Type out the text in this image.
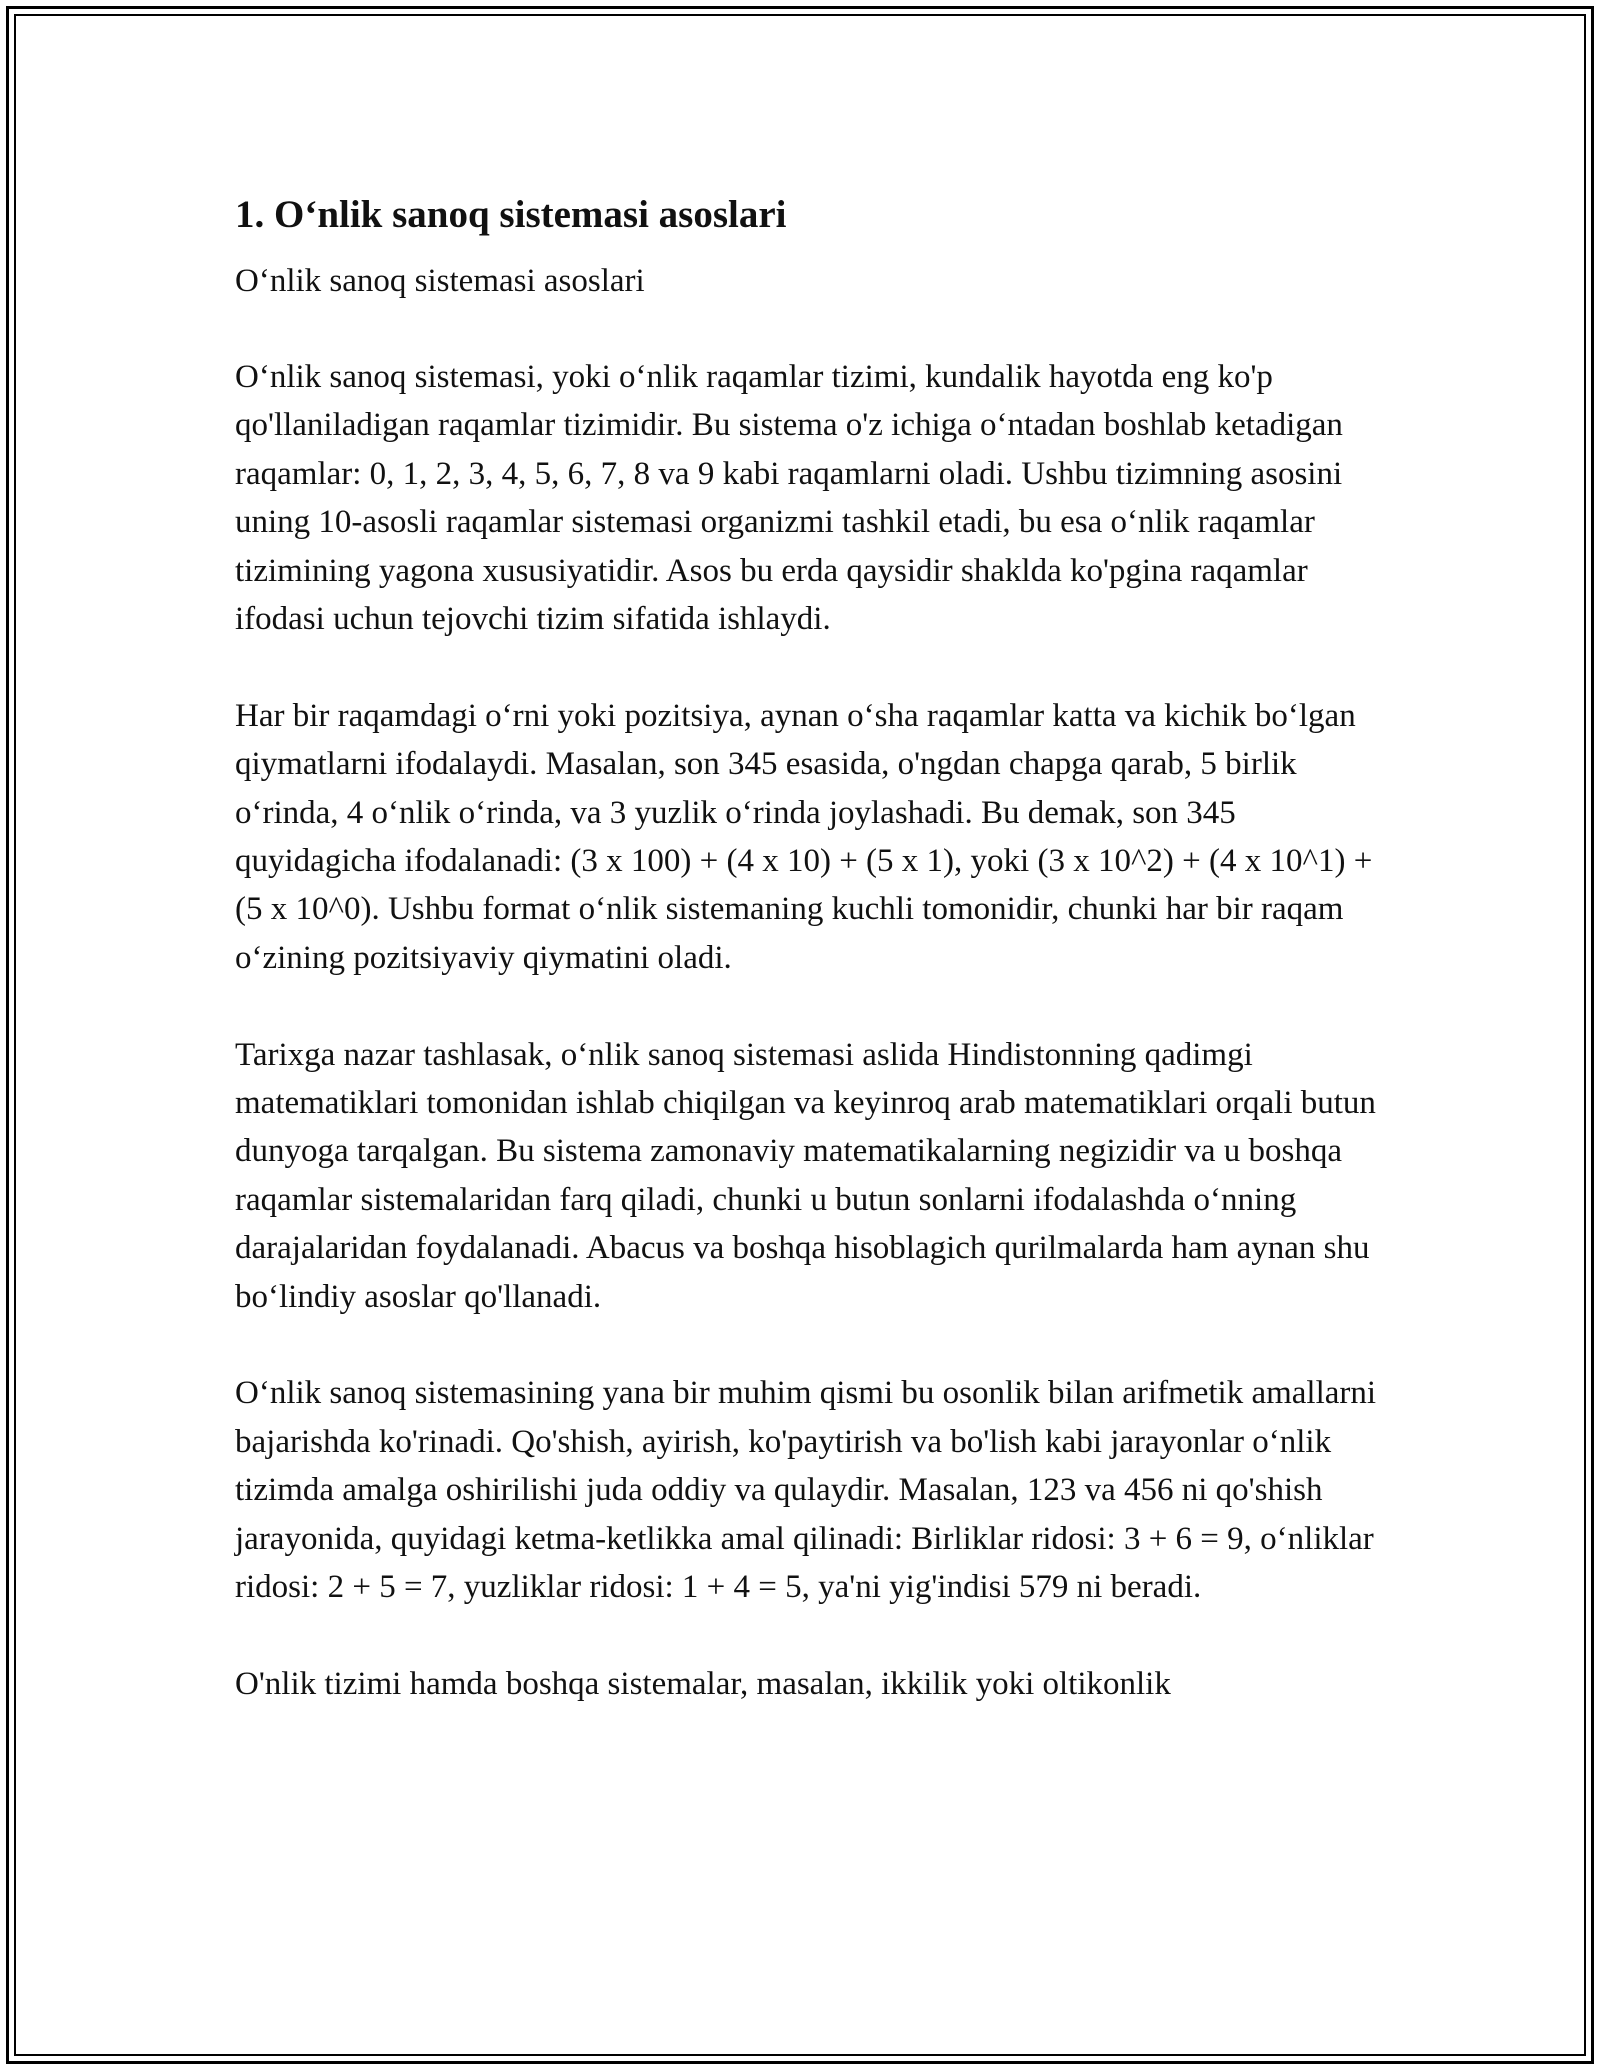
1. O‘nlik sanoq sistemasi asoslari

O‘nlik sanoq sistemasi asoslari

O‘nlik sanoq sistemasi, yoki o‘nlik raqamlar tizimi, kundalik hayotda eng ko'p qo'llaniladigan raqamlar tizimidir. Bu sistema o'z ichiga o‘ntadan boshlab ketadigan raqamlar: 0, 1, 2, 3, 4, 5, 6, 7, 8 va 9 kabi raqamlarni oladi. Ushbu tizimning asosini uning 10-asosli raqamlar sistemasi organizmi tashkil etadi, bu esa o‘nlik raqamlar tizimining yagona xususiyatidir. Asos bu erda qaysidir shaklda ko'pgina raqamlar ifodasi uchun tejovchi tizim sifatida ishlaydi.

Har bir raqamdagi o‘rni yoki pozitsiya, aynan o‘sha raqamlar katta va kichik bo‘lgan qiymatlarni ifodalaydi. Masalan, son 345 esasida, o'ngdan chapga qarab, 5 birlik o‘rinda, 4 o‘nlik o‘rinda, va 3 yuzlik o‘rinda joylashadi. Bu demak, son 345 quyidagicha ifodalanadi: (3 x 100) + (4 x 10) + (5 x 1), yoki (3 x 10^2) + (4 x 10^1) + (5 x 10^0). Ushbu format o‘nlik sistemaning kuchli tomonidir, chunki har bir raqam o‘zining pozitsiyaviy qiymatini oladi.

Tarixga nazar tashlasak, o‘nlik sanoq sistemasi aslida Hindistonning qadimgi matematiklari tomonidan ishlab chiqilgan va keyinroq arab matematiklari orqali butun dunyoga tarqalgan. Bu sistema zamonaviy matematikalarning negizidir va u boshqa raqamlar sistemalaridan farq qiladi, chunki u butun sonlarni ifodalashda o‘nning darajalaridan foydalanadi. Abacus va boshqa hisoblagich qurilmalarda ham aynan shu bo‘lindiy asoslar qo'llanadi.

O‘nlik sanoq sistemasining yana bir muhim qismi bu osonlik bilan arifmetik amallarni bajarishda ko'rinadi. Qo'shish, ayirish, ko'paytirish va bo'lish kabi jarayonlar o‘nlik tizimda amalga oshirilishi juda oddiy va qulaydir. Masalan, 123 va 456 ni qo'shish jarayonida, quyidagi ketma-ketlikka amal qilinadi: Birliklar ridosi: 3 + 6 = 9, o‘nliklar ridosi: 2 + 5 = 7, yuzliklar ridosi: 1 + 4 = 5, ya'ni yig'indisi 579 ni beradi.

O'nlik tizimi hamda boshqa sistemalar, masalan, ikkilik yoki oltikonlik
